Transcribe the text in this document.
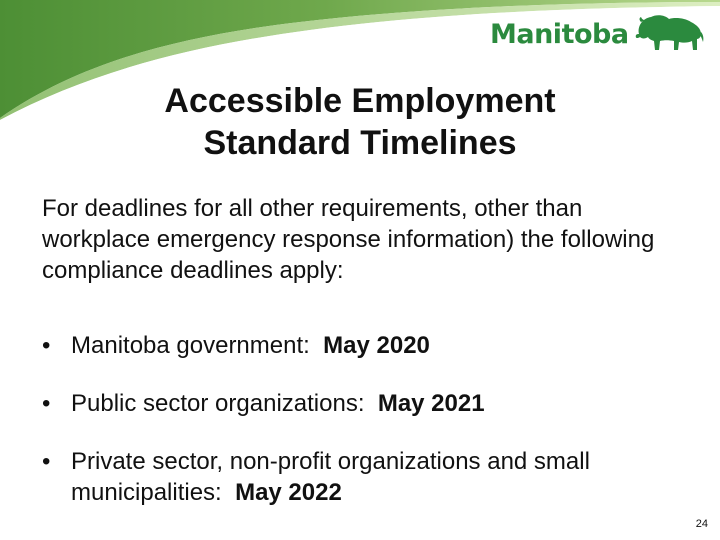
Manitoba
Accessible Employment
Standard Timelines
For deadlines for all other requirements, other than workplace emergency response information) the following compliance deadlines apply:
• Manitoba government: May 2020
• Public sector organizations: May 2021
• Private sector, non-profit organizations and small municipalities: May 2022
24
